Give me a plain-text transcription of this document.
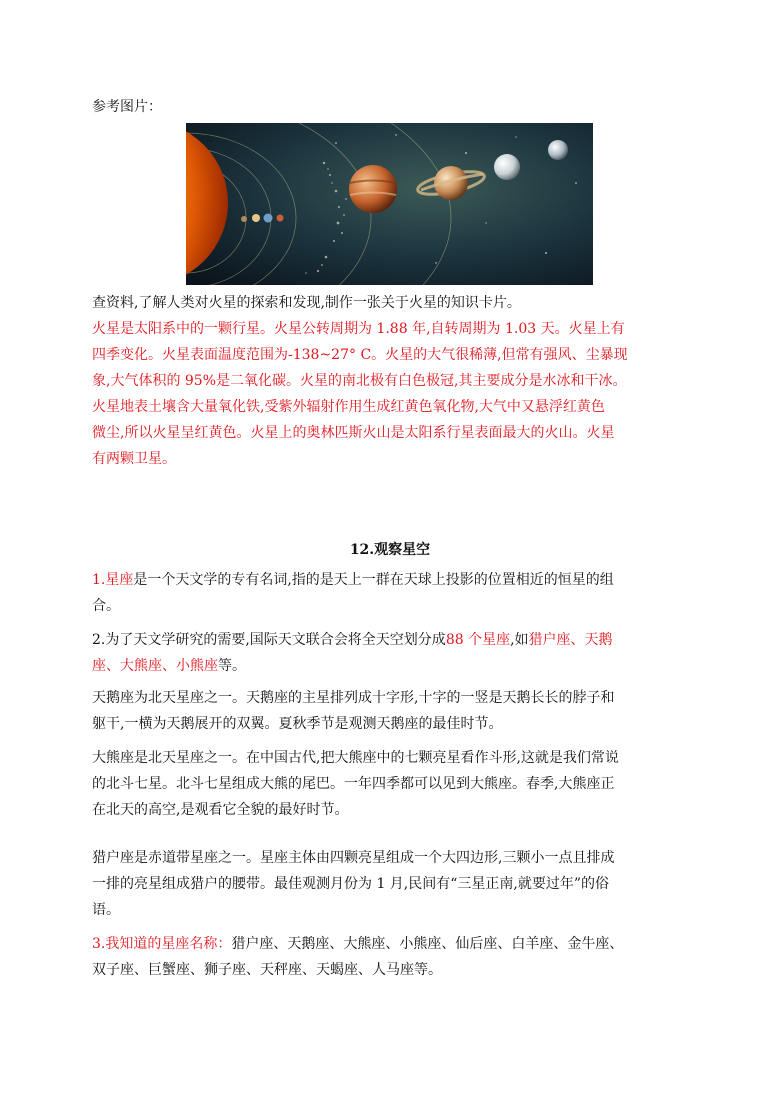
参考图片：
查资料,了解人类对火星的探索和发现,制作一张关于火星的知识卡片。
火星是太阳系中的一颗行星。火星公转周期为 1.88 年,自转周期为 1.03 天。火星上有
四季变化。火星表面温度范围为-138~27° C。火星的大气很稀薄,但常有强风、尘暴现
象,大气体积的 95%是二氧化碳。火星的南北极有白色极冠,其主要成分是水冰和干冰。
火星地表土壤含大量氧化铁,受紫外辐射作用生成红黄色氧化物,大气中又悬浮红黄色
微尘,所以火星呈红黄色。火星上的奥林匹斯火山是太阳系行星表面最大的火山。火星
有两颗卫星。
12.观察星空
1.星座是一个天文学的专有名词,指的是天上一群在天球上投影的位置相近的恒星的组
合。
2.为了天文学研究的需要,国际天文联合会将全天空划分成88 个星座,如猎户座、天鹅
座、大熊座、小熊座等。
天鹅座为北天星座之一。天鹅座的主星排列成十字形,十字的一竖是天鹅长长的脖子和
躯干,一横为天鹅展开的双翼。夏秋季节是观测天鹅座的最佳时节。
大熊座是北天星座之一。在中国古代,把大熊座中的七颗亮星看作斗形,这就是我们常说
的北斗七星。北斗七星组成大熊的尾巴。一年四季都可以见到大熊座。春季,大熊座正
在北天的高空,是观看它全貌的最好时节。
猎户座是赤道带星座之一。星座主体由四颗亮星组成一个大四边形,三颗小一点且排成
一排的亮星组成猎户的腰带。最佳观测月份为 1 月,民间有“三星正南,就要过年”的俗
语。
3.我知道的星座名称：猎户座、天鹅座、大熊座、小熊座、仙后座、白羊座、金牛座、
双子座、巨蟹座、狮子座、天秤座、天蝎座、人马座等。
